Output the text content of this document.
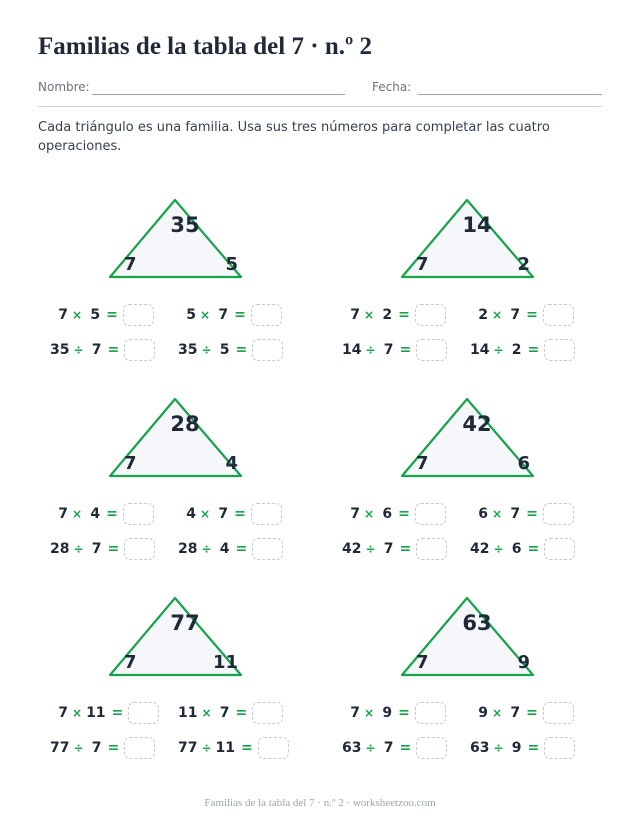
Familias de la tabla del 7 · n.º 2
Nombre:	Fecha:

Cada triángulo es una familia. Usa sus tres números para completar las cuatro operaciones.

35
7	5
7 × 5 =	5 × 7 =
35 ÷ 7 =	35 ÷ 5 =
14
7	2
7 × 2 =	2 × 7 =
14 ÷ 7 =	14 ÷ 2 =
28
7	4
7 × 4 =	4 × 7 =
28 ÷ 7 =	28 ÷ 4 =
42
7	6
7 × 6 =	6 × 7 =
42 ÷ 7 =	42 ÷ 6 =
77
7	11
7 × 11 =	11 × 7 =
77 ÷ 7 =	77 ÷ 11 =
63
7	9
7 × 9 =	9 × 7 =
63 ÷ 7 =	63 ÷ 9 =
Familias de la tabla del 7 · n.º 2 · worksheetzoo.com
